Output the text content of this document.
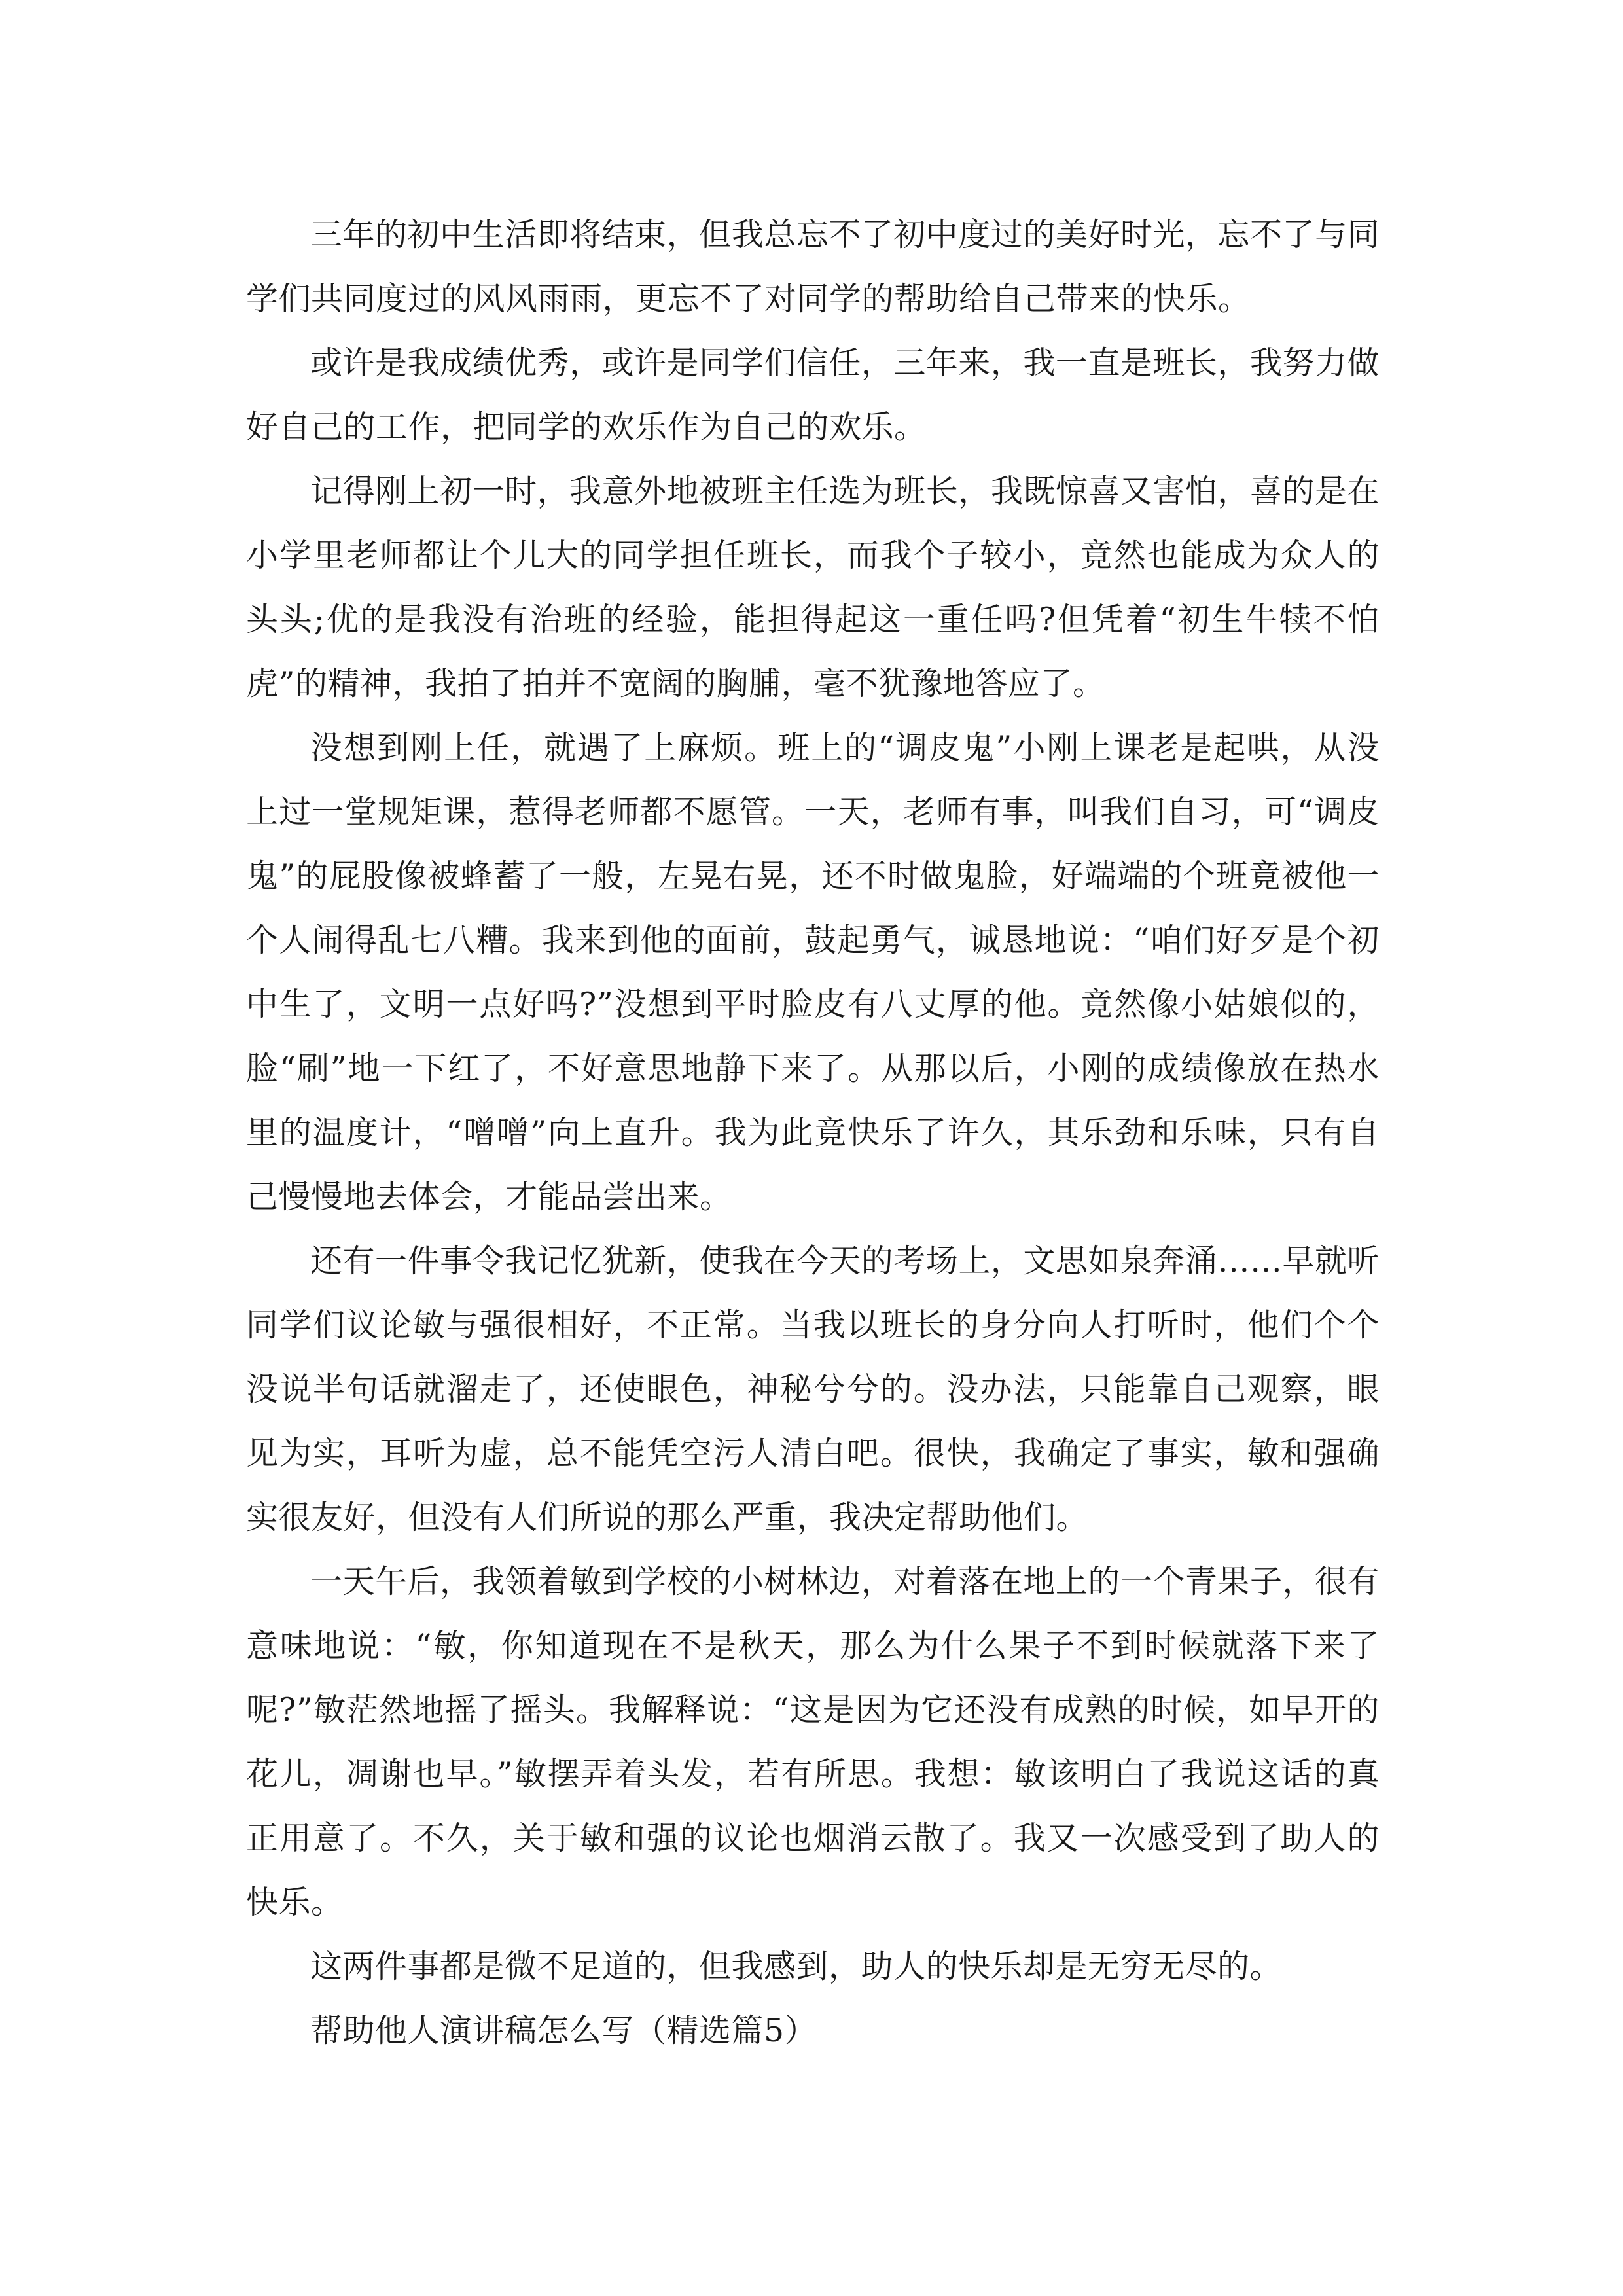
三年的初中生活即将结束，但我总忘不了初中度过的美好时光，忘不了与同学们共同度过的风风雨雨，更忘不了对同学的帮助给自己带来的快乐。

或许是我成绩优秀，或许是同学们信任，三年来，我一直是班长，我努力做好自己的工作，把同学的欢乐作为自己的欢乐。

记得刚上初一时，我意外地被班主任选为班长，我既惊喜又害怕，喜的是在小学里老师都让个儿大的同学担任班长，而我个子较小，竟然也能成为众人的头头;优的是我没有治班的经验，能担得起这一重任吗?但凭着“初生牛犊不怕虎”的精神，我拍了拍并不宽阔的胸脯，毫不犹豫地答应了。

没想到刚上任，就遇了上麻烦。班上的“调皮鬼”小刚上课老是起哄，从没上过一堂规矩课，惹得老师都不愿管。一天，老师有事，叫我们自习，可“调皮鬼”的屁股像被蜂蓄了一般，左晃右晃，还不时做鬼脸，好端端的个班竟被他一个人闹得乱七八糟。我来到他的面前，鼓起勇气，诚恳地说：“咱们好歹是个初中生了，文明一点好吗?”没想到平时脸皮有八丈厚的他。竟然像小姑娘似的，脸“刷”地一下红了，不好意思地静下来了。从那以后，小刚的成绩像放在热水里的温度计，“噌噌”向上直升。我为此竟快乐了许久，其乐劲和乐味，只有自己慢慢地去体会，才能品尝出来。

还有一件事令我记忆犹新，使我在今天的考场上，文思如泉奔涌……早就听同学们议论敏与强很相好，不正常。当我以班长的身分向人打听时，他们个个没说半句话就溜走了，还使眼色，神秘兮兮的。没办法，只能靠自己观察，眼见为实，耳听为虚，总不能凭空污人清白吧。很快，我确定了事实，敏和强确实很友好，但没有人们所说的那么严重，我决定帮助他们。

一天午后，我领着敏到学校的小树林边，对着落在地上的一个青果子，很有意味地说：“敏，你知道现在不是秋天，那么为什么果子不到时候就落下来了呢?”敏茫然地摇了摇头。我解释说：“这是因为它还没有成熟的时候，如早开的花儿，凋谢也早。”敏摆弄着头发，若有所思。我想：敏该明白了我说这话的真正用意了。不久，关于敏和强的议论也烟消云散了。我又一次感受到了助人的快乐。

这两件事都是微不足道的，但我感到，助人的快乐却是无穷无尽的。

帮助他人演讲稿怎么写（精选篇5）
